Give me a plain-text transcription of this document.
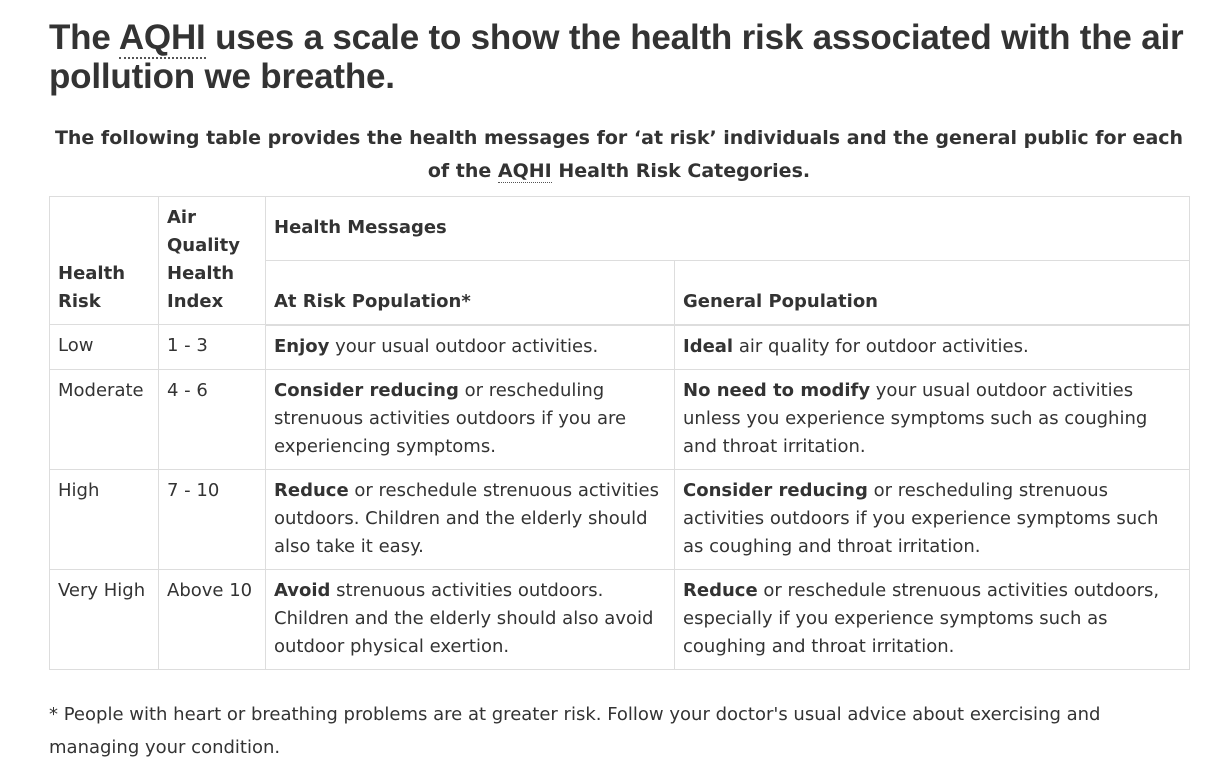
The AQHI uses a scale to show the health risk associated with the air pollution we breathe.
The following table provides the health messages for ‘at risk’ individuals and the general public for each of the AQHI Health Risk Categories.
Health Risk	Air Quality Health Index	Health Messages	
		At Risk Population*	General Population
Low	1 - 3	Enjoy your usual outdoor activities.	Ideal air quality for outdoor activities.
Moderate	4 - 6	Consider reducing or rescheduling strenuous activities outdoors if you are experiencing symptoms.	No need to modify your usual outdoor activities unless you experience symptoms such as coughing and throat irritation.
High	7 - 10	Reduce or reschedule strenuous activities outdoors. Children and the elderly should also take it easy.	Consider reducing or rescheduling strenuous activities outdoors if you experience symptoms such as coughing and throat irritation.
Very High	Above 10	Avoid strenuous activities outdoors. Children and the elderly should also avoid outdoor physical exertion.	Reduce or reschedule strenuous activities outdoors, especially if you experience symptoms such as coughing and throat irritation.
* People with heart or breathing problems are at greater risk. Follow your doctor's usual advice about exercising and managing your condition.
